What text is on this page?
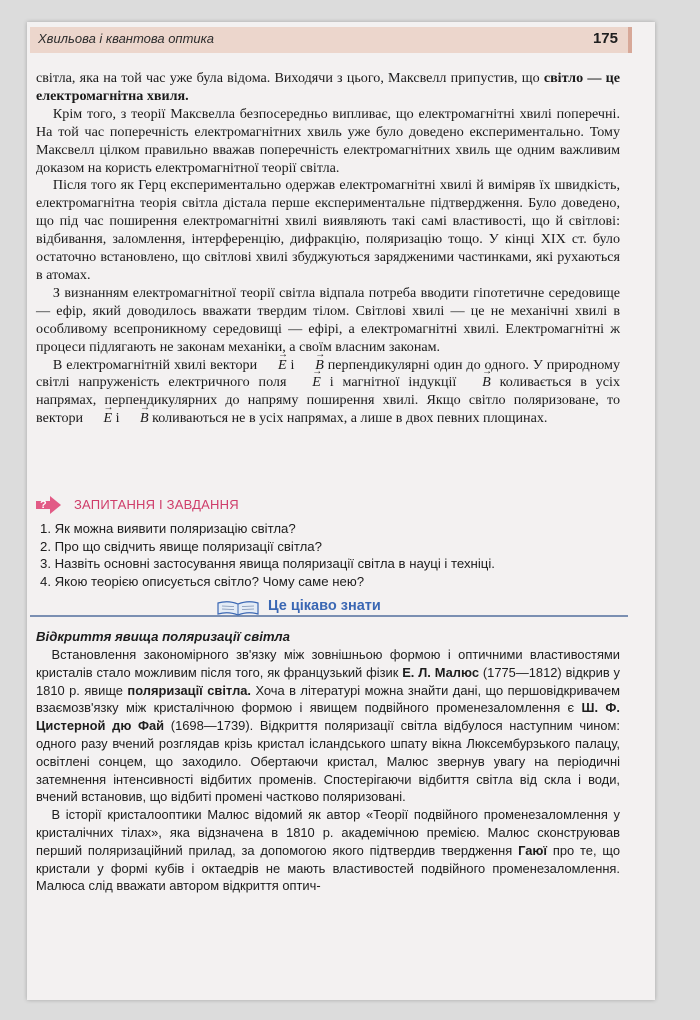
Хвильова і квантова оптика	175

світла, яка на той час уже була відома. Виходячи з цього, Максвелл припустив, що світло — це електромагнітна хвиля.

Крім того, з теорії Максвелла безпосередньо випливає, що електромагнітні хвилі поперечні. На той час поперечність електромагнітних хвиль уже було доведено експериментально. Тому Максвелл цілком правильно вважав поперечність електромагнітних хвиль ще одним важливим доказом на користь електромагнітної теорії світла.

Після того як Герц експериментально одержав електромагнітні хвилі й виміряв їх швидкість, електромагнітна теорія світла дістала перше експериментальне підтвердження. Було доведено, що під час поширення електромагнітні хвилі виявляють такі самі властивості, що й світлові: відбивання, заломлення, інтерференцію, дифракцію, поляризацію тощо. У кінці XIX ст. було остаточно встановлено, що світлові хвилі збуджуються зарядженими частинками, які рухаються в атомах.

З визнанням електромагнітної теорії світла відпала потреба вводити гіпотетичне середовище — ефір, який доводилось вважати твердим тілом. Світлові хвилі — це не механічні хвилі в особливому всепроникному середовищі — ефірі, а електромагнітні хвилі. Електромагнітні ж процеси підлягають не законам механіки, а своїм власним законам.

В електромагнітній хвилі вектори → E і → B перпендикулярні один до одного. У природному світлі напруженість електричного поля → E і магнітної індукції → B коливається в усіх напрямах, перпендикулярних до напряму поширення хвилі. Якщо світло поляризоване, то вектори → E і → B коливаються не в усіх напрямах, а лише в двох певних площинах.

? ЗАПИТАННЯ І ЗАВДАННЯ
1. Як можна виявити поляризацію світла?
2. Про що свідчить явище поляризації світла?
3. Назвіть основні застосування явища поляризації світла в науці і техніці.
4. Якою теорією описується світло? Чому саме нею?
Це цікаво знати
Відкриття явища поляризації світла

Встановлення закономірного зв'язку між зовнішньою формою і оптичними властивостями кристалів стало можливим після того, як французький фізик Е. Л. Малюс (1775—1812) відкрив у 1810 р. явище поляризації світла. Хоча в літературі можна знайти дані, що першовідкривачем взаємозв'язку між кристалічною формою і явищем подвійного променезаломлення є Ш. Ф. Цистерной дю Фай (1698—1739). Відкриття поляризації світла відбулося наступним чином: одного разу вчений розглядав крізь кристал ісландського шпату вікна Люксембурзького палацу, освітлені сонцем, що заходило. Обертаючи кристал, Малюс звернув увагу на періодичні затемнення інтенсивності відбитих променів. Спостерігаючи відбиття світла від скла і води, вчений встановив, що відбиті промені частково поляризовані.

В історії кристалооптики Малюс відомий як автор «Теорії подвійного променезаломлення у кристалічних тілах», яка відзначена в 1810 р. академічною премією. Малюс сконструював перший поляризаційний прилад, за допомогою якого підтвердив твердження Гаюї про те, що кристали у формі кубів і октаедрів не мають властивостей подвійного променезаломлення. Малюса слід вважати автором відкриття оптич-
